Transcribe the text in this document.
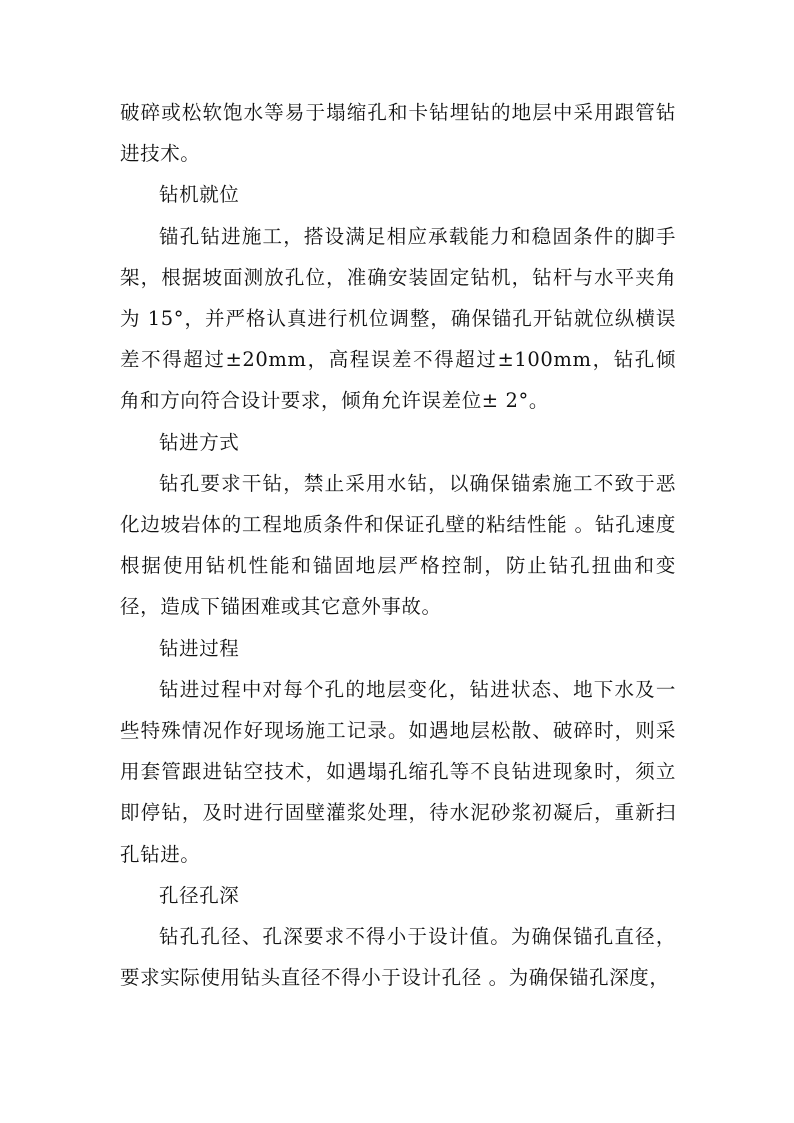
破碎或松软饱水等易于塌缩孔和卡钻埋钻的地层中采用跟管钻进技术。

钻机就位

锚孔钻进施工，搭设满足相应承载能力和稳固条件的脚手架，根据坡面测放孔位，准确安装固定钻机，钻杆与水平夹角为 15°，并严格认真进行机位调整，确保锚孔开钻就位纵横误差不得超过±20mm，高程误差不得超过±100mm，钻孔倾角和方向符合设计要求，倾角允许误差位± 2°。

钻进方式

钻孔要求干钻，禁止采用水钻，以确保锚索施工不致于恶化边坡岩体的工程地质条件和保证孔壁的粘结性能 。钻孔速度根据使用钻机性能和锚固地层严格控制，防止钻孔扭曲和变径，造成下锚困难或其它意外事故。

钻进过程

钻进过程中对每个孔的地层变化，钻进状态、地下水及一些特殊情况作好现场施工记录。如遇地层松散、破碎时，则采用套管跟进钻空技术，如遇塌孔缩孔等不良钻进现象时，须立即停钻，及时进行固壁灌浆处理，待水泥砂浆初凝后，重新扫孔钻进。

孔径孔深

钻孔孔径、孔深要求不得小于设计值。为确保锚孔直径，要求实际使用钻头直径不得小于设计孔径 。为确保锚孔深度，
